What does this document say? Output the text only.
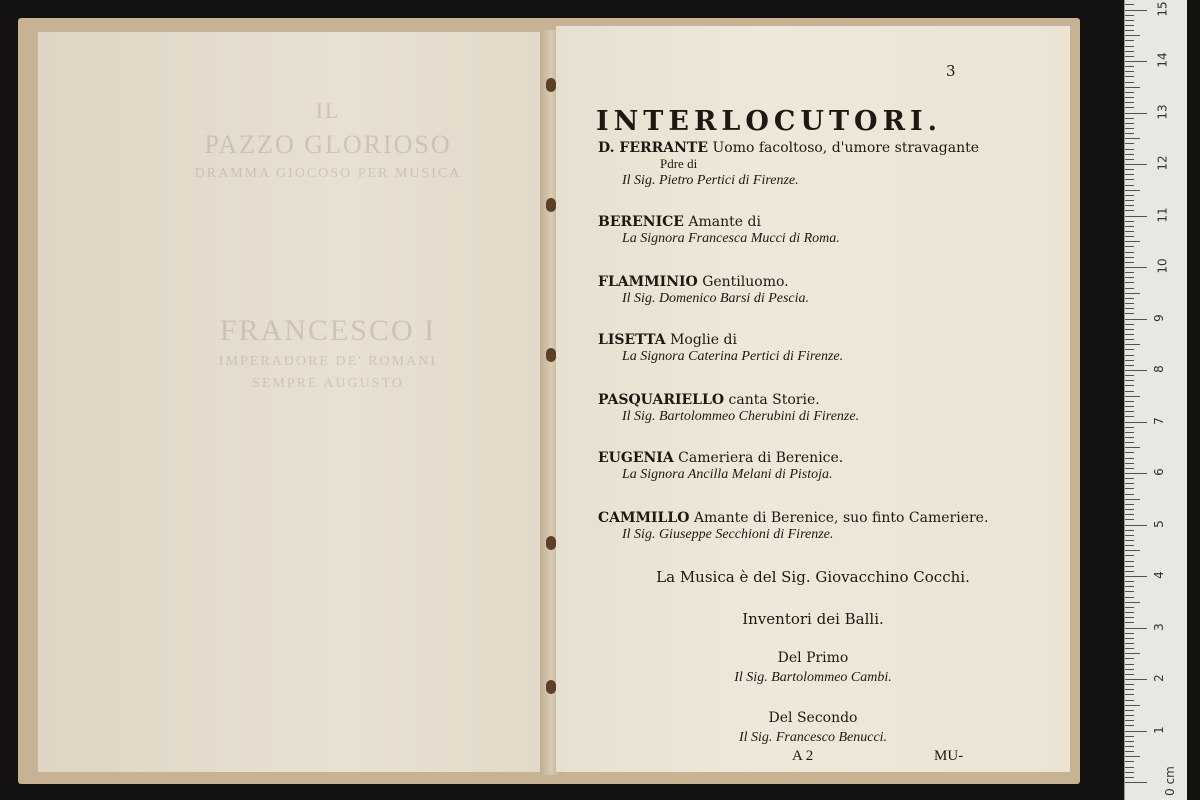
IL
PAZZO GLORIOSO
DRAMMA GIOCOSO PER MUSICA
FRANCESCO I
IMPERADORE DE' ROMANI
SEMPRE AUGUSTO
3
INTERLOCUTORI.
D. FERRANTE Uomo facoltoso, d'umore stravagante
Pdre di
Il Sig. Pietro Pertici di Firenze.
BERENICE Amante di
La Signora Francesca Mucci di Roma.
FLAMMINIO Gentiluomo.
Il Sig. Domenico Barsi di Pescia.
LISETTA Moglie di
La Signora Caterina Pertici di Firenze.
PASQUARIELLO canta Storie.
Il Sig. Bartolommeo Cherubini di Firenze.
EUGENIA Cameriera di Berenice.
La Signora Ancilla Melani di Pistoja.
CAMMILLO Amante di Berenice, suo finto Cameriere.
Il Sig. Giuseppe Secchioni di Firenze.
La Musica è del Sig. Giovacchino Cocchi.
Inventori dei Balli.
Del Primo
Il Sig. Bartolommeo Cambi.
Del Secondo
Il Sig. Francesco Benucci.
A 2	MU-
0 cm
1
2
3
4
5
6
7
8
9
10
11
12
13
14
15
